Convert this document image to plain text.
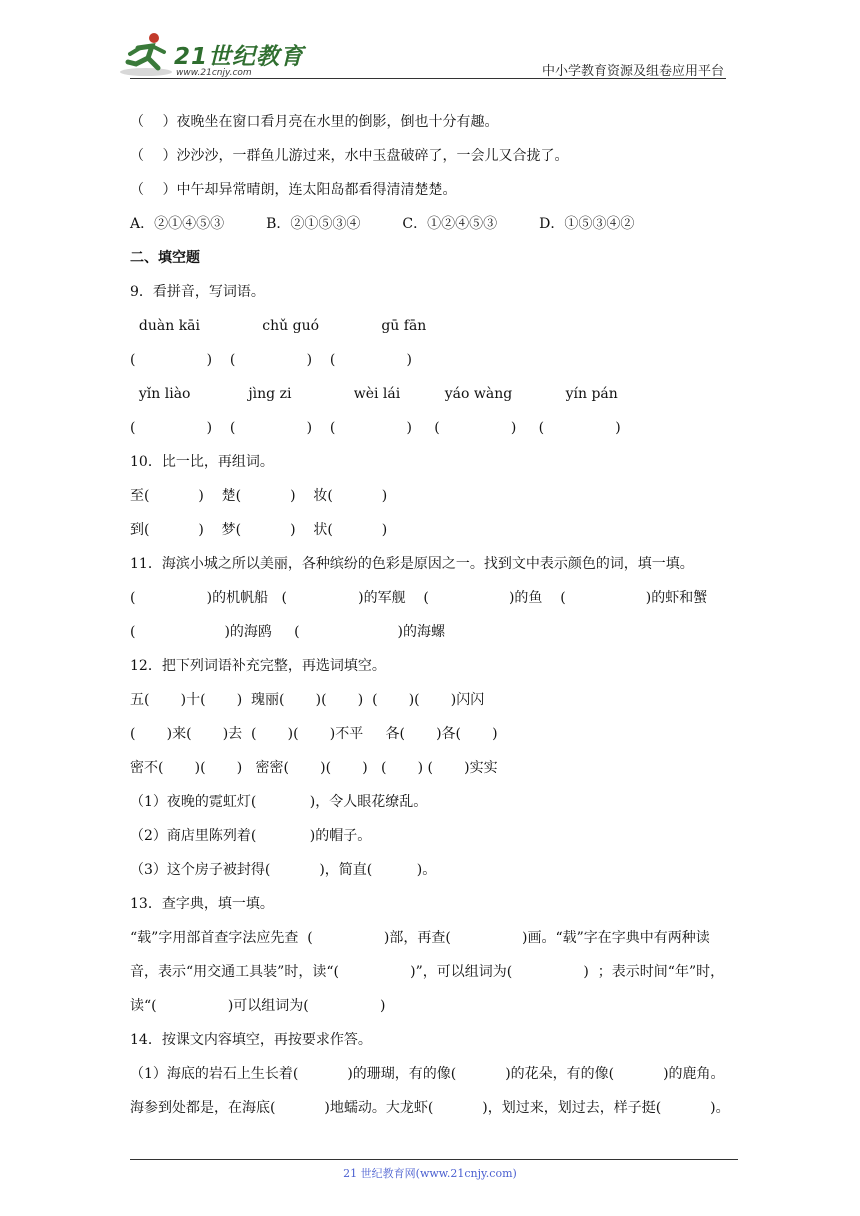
21世纪教育
www.21cnjy.com	中小学教育资源及组卷应用平台
（　 ）夜晚坐在窗口看月亮在水里的倒影，倒也十分有趣。
（　 ）沙沙沙，一群鱼儿游过来，水中玉盘破碎了，一会儿又合拢了。
（　 ）中午却异常晴朗，连太阳岛都看得清清楚楚。
A．②①④⑤③　　　B．②①⑤③④　　　C．①②④⑤③　　　D．①⑤③④②
二、填空题
9．看拼音，写词语。
duàn kāi              chǔ guó              gū fān
(                )    (                )    (                )
yǐn liào             jìng zi              wèi lái          yáo wàng            yín pán
(                )    (                )    (                )     (                )     (                )
10．比一比，再组词。
至(           )    楚(           )    妆(           )
到(           )    梦(           )    状(           )
11．海滨小城之所以美丽，各种缤纷的色彩是原因之一。找到文中表示颜色的词，填一填。
(                )的机帆船   (                )的军舰    (                  )的鱼    (                  )的虾和蟹
(                    )的海鸥     (                      )的海螺
12．把下列词语补充完整，再选词填空。
五(       )十(       )  瑰丽(       )(       )  (       )(       )闪闪
(       )来(       )去  (       )(       )不平     各(       )各(       )
密不(       )(       )   密密(       )(       )   (       ) (       )实实
（1）夜晚的霓虹灯(            )，令人眼花缭乱。
（2）商店里陈列着(            )的帽子。
（3）这个房子被封得(           )，简直(          )。
13．查字典，填一填。
“载”字用部首查字法应先查  (                )部，再查(                )画。“载”字在字典中有两种读
音，表示“用交通工具装”时，读“(                )”，可以组词为(                )  ；表示时间“年”时，
读“(                )可以组词为(                )
14．按课文内容填空，再按要求作答。
（1）海底的岩石上生长着(           )的珊瑚，有的像(           )的花朵，有的像(           )的鹿角。
海参到处都是，在海底(           )地蠕动。大龙虾(           )，划过来，划过去，样子挺(           )。
21 世纪教育网(www.21cnjy.com)
